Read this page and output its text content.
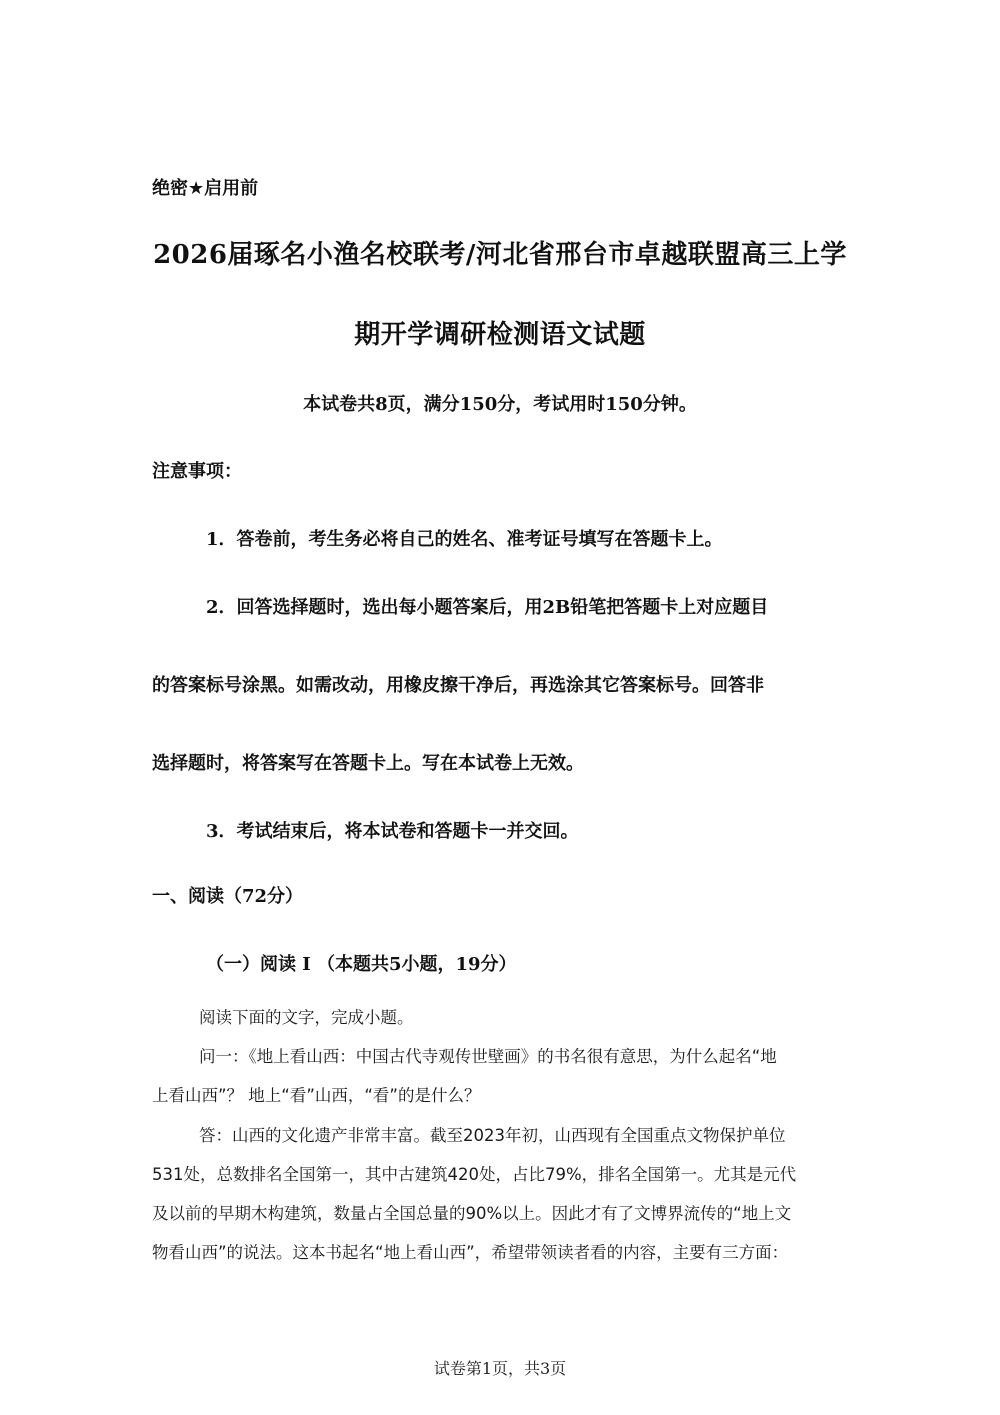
绝密★启用前
2026届琢名小渔名校联考/河北省邢台市卓越联盟高三上学
期开学调研检测语文试题
本试卷共8页，满分150分，考试用时150分钟。
注意事项：
1．答卷前，考生务必将自己的姓名、准考证号填写在答题卡上。
2．回答选择题时，选出每小题答案后，用2B铅笔把答题卡上对应题目
的答案标号涂黑。如需改动，用橡皮擦干净后，再选涂其它答案标号。回答非
选择题时，将答案写在答题卡上。写在本试卷上无效。
3．考试结束后，将本试卷和答题卡一并交回。
一、阅读（72分）
（一）阅读 I （本题共5小题，19分）
阅读下面的文字，完成小题。
问一：《地上看山西：中国古代寺观传世壁画》的书名很有意思，为什么起名“地
上看山西”？ 地上“看”山西，“看”的是什么？
答：山西的文化遗产非常丰富。截至2023年初，山西现有全国重点文物保护单位
531处，总数排名全国第一，其中古建筑420处，占比79%，排名全国第一。尤其是元代
及以前的早期木构建筑，数量占全国总量的90%以上。因此才有了文博界流传的“地上文
物看山西”的说法。这本书起名“地上看山西”，希望带领读者看的内容，主要有三方面：
试卷第1页，共3页
